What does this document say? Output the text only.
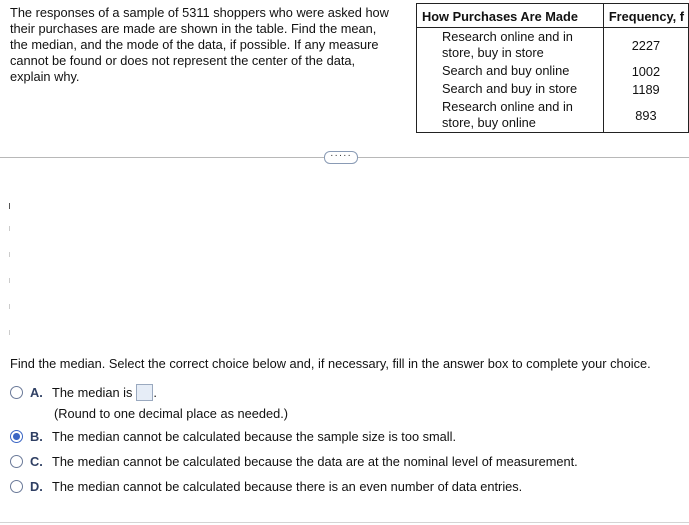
The responses of a sample of 5311 shoppers who were asked how
their purchases are made are shown in the table. Find the mean,
the median, and the mode of the data, if possible. If any measure
cannot be found or does not represent the center of the data,
explain why.
How Purchases Are Made	Frequency, f

Research online and in
store, buy in store	2227

Search and buy online	1002

Search and buy in store	1189

Research online and in
store, buy online	893
·····
Find the median. Select the correct choice below and, if necessary, fill in the answer box to complete your choice.
A. The median is .
(Round to one decimal place as needed.)
B. The median cannot be calculated because the sample size is too small.
C. The median cannot be calculated because the data are at the nominal level of measurement.
D. The median cannot be calculated because there is an even number of data entries.
